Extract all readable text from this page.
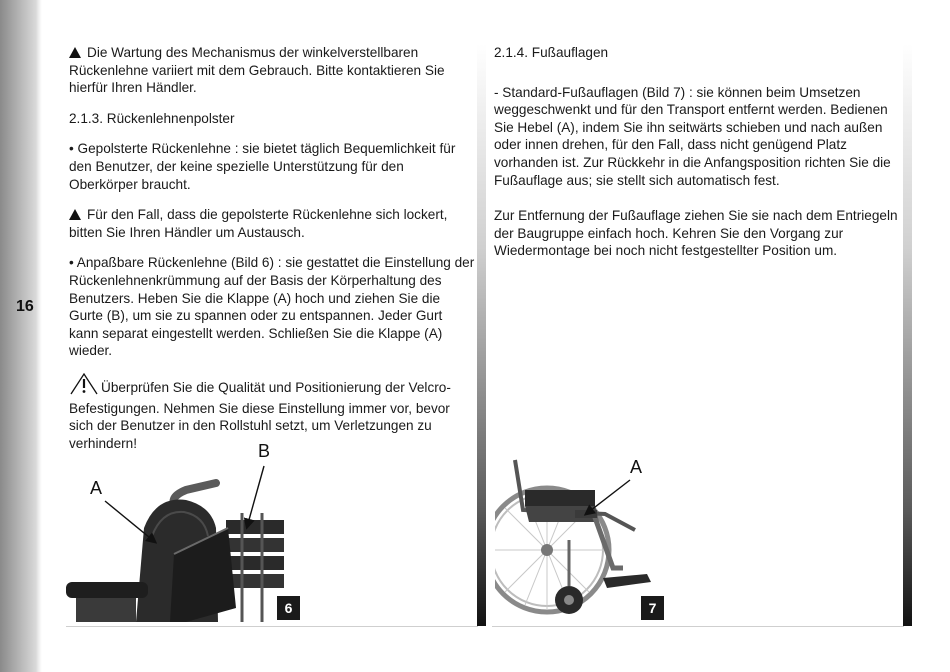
16

Die Wartung des Mechanismus der winkelverstellbaren Rückenlehne variiert mit dem Gebrauch. Bitte kontaktieren Sie hierfür Ihren Händler.

2.1.3. Rückenlehnenpolster

• Gepolsterte Rückenlehne : sie bietet täglich Bequemlichkeit für den Benutzer, der keine spezielle Unterstützung für den Oberkörper braucht.

Für den Fall, dass die gepolsterte Rückenlehne sich lockert, bitten Sie Ihren Händler um Austausch.

• Anpaßbare Rückenlehne (Bild 6) : sie gestattet die Einstellung der Rückenlehnenkrümmung auf der Basis der Körperhaltung des Benutzers. Heben Sie die Klappe (A) hoch und ziehen Sie die Gurte (B), um sie zu spannen oder zu entspannen. Jeder Gurt kann separat eingestellt werden. Schließen Sie die Klappe (A) wieder.

Überprüfen Sie die Qualität und Positionierung der Velcro-Befestigungen. Nehmen Sie diese Einstellung immer vor, bevor sich der Benutzer in den Rollstuhl setzt, um Verletzungen zu verhindern!

2.1.4. Fußauflagen

- Standard-Fußauflagen (Bild 7) : sie können beim Umsetzen weggeschwenkt und für den Transport entfernt werden. Bedienen Sie Hebel (A), indem Sie ihn seitwärts schieben und nach außen oder innen drehen, für den Fall, dass nicht genügend Platz vorhanden ist. Zur Rückkehr in die Anfangsposition richten Sie die Fußauflage aus; sie stellt sich automatisch fest.

Zur Entfernung der Fußauflage ziehen Sie sie nach dem Entriegeln der Baugruppe einfach hoch. Kehren Sie den Vorgang zur Wiedermontage bei noch nicht festgestellter Position um.

6	7
A
B
A
